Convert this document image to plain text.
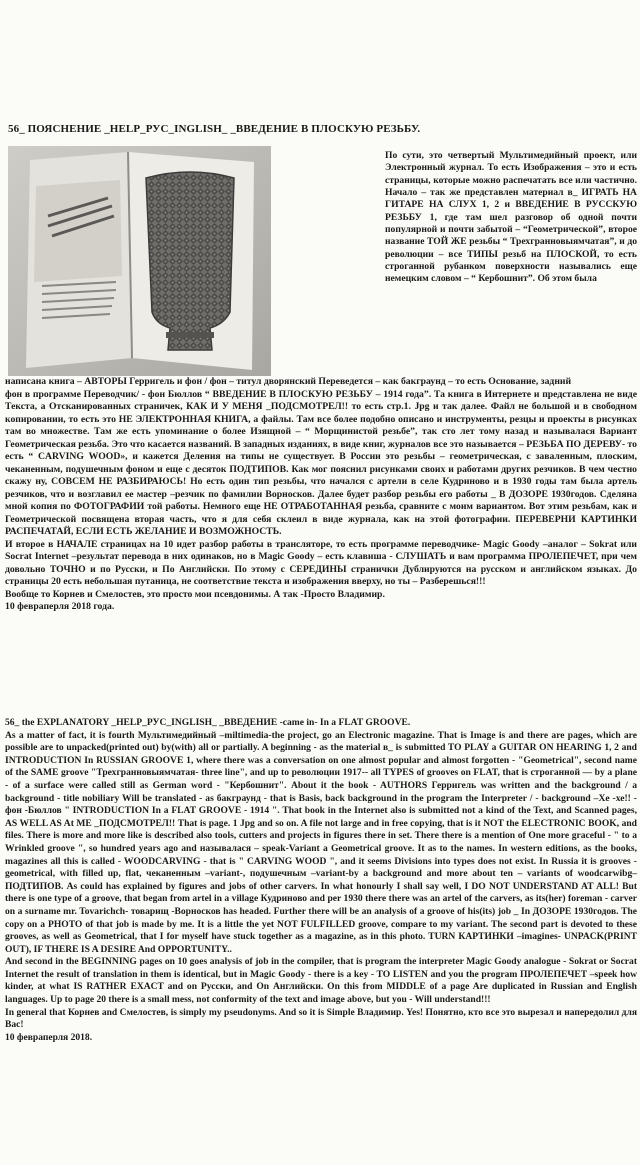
56_ ПОЯСНЕНИЕ _HELP_РУС_INGLISH_ _ВВЕДЕНИЕ В ПЛОСКУЮ РЕЗЬБУ.
По сути, это четвертый Мультимедийный проект, или Электронный журнал. То есть Изображения – это и есть страницы, которые можно распечатать все или частично. Начало – так же представлен материал в_ ИГРАТЬ НА ГИТАРЕ НА СЛУХ 1, 2 и ВВЕДЕНИЕ В РУССКУЮ РЕЗЬБУ 1, где там шел разговор об одной почти популярной и почти забытой – “Геометрической”, второе название ТОЙ ЖЕ резьбы “ Трехгранновыямчатая”, и до революции – все ТИПЫ резьб на ПЛОСКОЙ, то есть строганной рубанком поверхности назывались еще немецким словом – “ Кербошнит”. Об этом была

написана книга – АВТОРЫ Герригель и фон / фон – титул дворянский Переведется – как бакграунд – то есть Основание, задний

фон в программе Переводчик/ - фон Бюллов “ ВВЕДЕНИЕ В ПЛОСКУЮ РЕЗЬБУ – 1914 года”. Та книга в Интернете и представлена не виде Текста, а Отсканированных страничек, КАК И У МЕНЯ _ПОДСМОТРЕЛ!! то есть стр.1. Jpg и так далее. Файл не большой и в свободном копировании, то есть это НЕ ЭЛЕКТРОННАЯ КНИГА, а файлы. Там все более подобно описано и инструменты, резцы и проекты в рисунках там во множестве. Там же есть упоминание о более Изящной – “ Морщинистой резьбе”, так сто лет тому назад и называлася Вариант Геометрическая резьба. Это что касается названий. В западных изданиях, в виде книг, журналов все это называется – РЕЗЬБА ПО ДЕРЕВУ- то есть “ CARVING WOOD», и кажется Деления на типы не существует. В России это резьбы – геометрическая, с заваленным, плоским, чеканенным, подушечным фоном и еще с десяток ПОДТИПОВ. Как мог пояснил рисунками своих и работами других резчиков. В чем честно скажу ну, СОВСЕМ НЕ РАЗБИРАЮСЬ! Но есть один тип резьбы, что начался с артели в селе Кудриново и в 1930 годы там была артель резчиков, что и возглавил ее мастер –резчик по фамилии Ворносков. Далее будет разбор резьбы его работы _ В ДОЗОРЕ 1930годов. Сделяна мной копия по ФОТОГРАФИИ той работы. Немного еще НЕ ОТРАБОТАННАЯ резьба, сравните с моим вариантом. Вот этим резьбам, как и Геометрической посвящена вторая часть, что я для себя склеил в виде журнала, как на этой фотографии. ПЕРЕВЕРНИ КАРТИНКИ РАСПЕЧАТАЙ, ЕСЛИ ЕСТЬ ЖЕЛАНИЕ И ВОЗМОЖНОСТЬ.

И второе в НАЧАЛЕ страницах на 10 идет разбор работы в трансляторе, то есть программе переводчике- Magic Goody –аналог – Sokrat или Socrat Internet –результат перевода в них одинаков, но в Magic Goody – есть клавиша - СЛУШАТЬ и вам программа ПРОЛЕПЕЧЕТ, при чем довольно ТОЧНО и по Русски, и По Английски. По этому с СЕРЕДИНЫ странички Дублируются на русском и английском языках. До страницы 20 есть небольшая путаница, не соответствие текста и изображения вверху, но ты – Разберешься!!!

Вообще то Корнев и Смелостев, это просто мои псевдонимы. А так -Просто Владимир.

10 февраперля 2018 года.

56_ the EXPLANATORY _HELP_РУС_INGLISH_ _ВВЕДЕНИЕ -came in- In a FLAT GROOVE.

As a matter of fact, it is fourth Мультимедийный –miltimedia-the project, go an Electronic magazine. That is Image is and there are pages, which are possible are to unpacked(printed out) by(with) all or partially. A beginning - as the material в_ is submitted TO PLAY a GUITAR ON HEARING 1, 2 and INTRODUCTION In RUSSIAN GROOVE 1, where there was a conversation on one almost popular and almost forgotten - "Geometrical", second name of the SAME groove "Трехгранновыямчатая- three line", and up to революции 1917-- all TYPES of grooves on FLAT, that is строганной — by a plane - of a surface were called still as German word - "Кербошнит". About it the book - AUTHORS Герригель was written and the background / a background - title nobiliary Will be translated - as бакграунд - that is Basis, back background in the program the Interpreter / - background –Хе -хе!! - фон -Бюллов " INTRODUCTION In a FLAT GROOVE - 1914 ". That book in the Internet also is submitted not a kind of the Text, and Scanned pages, AS WELL AS At ME _ПОДСМОТРЕЛ!! That is page. 1 Jpg and so on. A file not large and in free copying, that is it NOT the ELECTRONIC BOOK, and files. There is more and more like is described also tools, cutters and projects in figures there in set. There there is a mention of One more graceful - " to a Wrinkled groove ", so hundred years ago and называлася – speak-Variant a Geometrical groove. It as to the names. In western editions, as the books, magazines all this is called - WOODCARVING - that is " CARVING WOOD ", and it seems Divisions into types does not exist. In Russia it is grooves - geometrical, with filled up, flat, чеканенным –variant-, подушечным –variant-by a background and more about ten – variants of woodcarwibg–ПОДТИПОВ. As could has explained by figures and jobs of other carvers. In what honourly I shall say well, I DO NOT UNDERSTAND AT ALL! But there is one type of a groove, that began from artel in a village Кудриново and per 1930 there there was an artel of the carvers, as its(her) foreman - carver on a surname mr. Tovarichch- товарищ -Ворносков has headed. Further there will be an analysis of a groove of his(its) job _ In ДОЗОРЕ 1930годов. The copy on a PHOTO of that job is made by me. It is a little the yet NOT FULFILLED groove, compare to my variant. The second part is devoted to these grooves, as well as Geometrical, that I for myself have stuck together as a magazine, as in this photo. TURN КАРТИНКИ –imagines- UNPACK(PRINT OUT), IF THERE IS A DESIRE And OPPORTUNITY..

And second in the BEGINNING pages on 10 goes analysis of job in the compiler, that is program the interpreter Magic Goody analogue - Sokrat or Socrat Internet the result of translation in them is identical, but in Magic Goody - there is a key - TO LISTEN and you the program ПРОЛЕПЕЧЕТ –speek how kinder, at what IS RATHER EXACT and on Русски, and On Английски. On this from MIDDLE of a page Are duplicated in Russian and English languages. Up to page 20 there is a small mess, not conformity of the text and image above, but you - Will understand!!!

In general that Корнев and Смелостев, is simply my pseudonyms. And so it is Simple Владимир. Yes! Понятно, кто все это вырезал и напередолил для Вас!

10 февраперля 2018.
